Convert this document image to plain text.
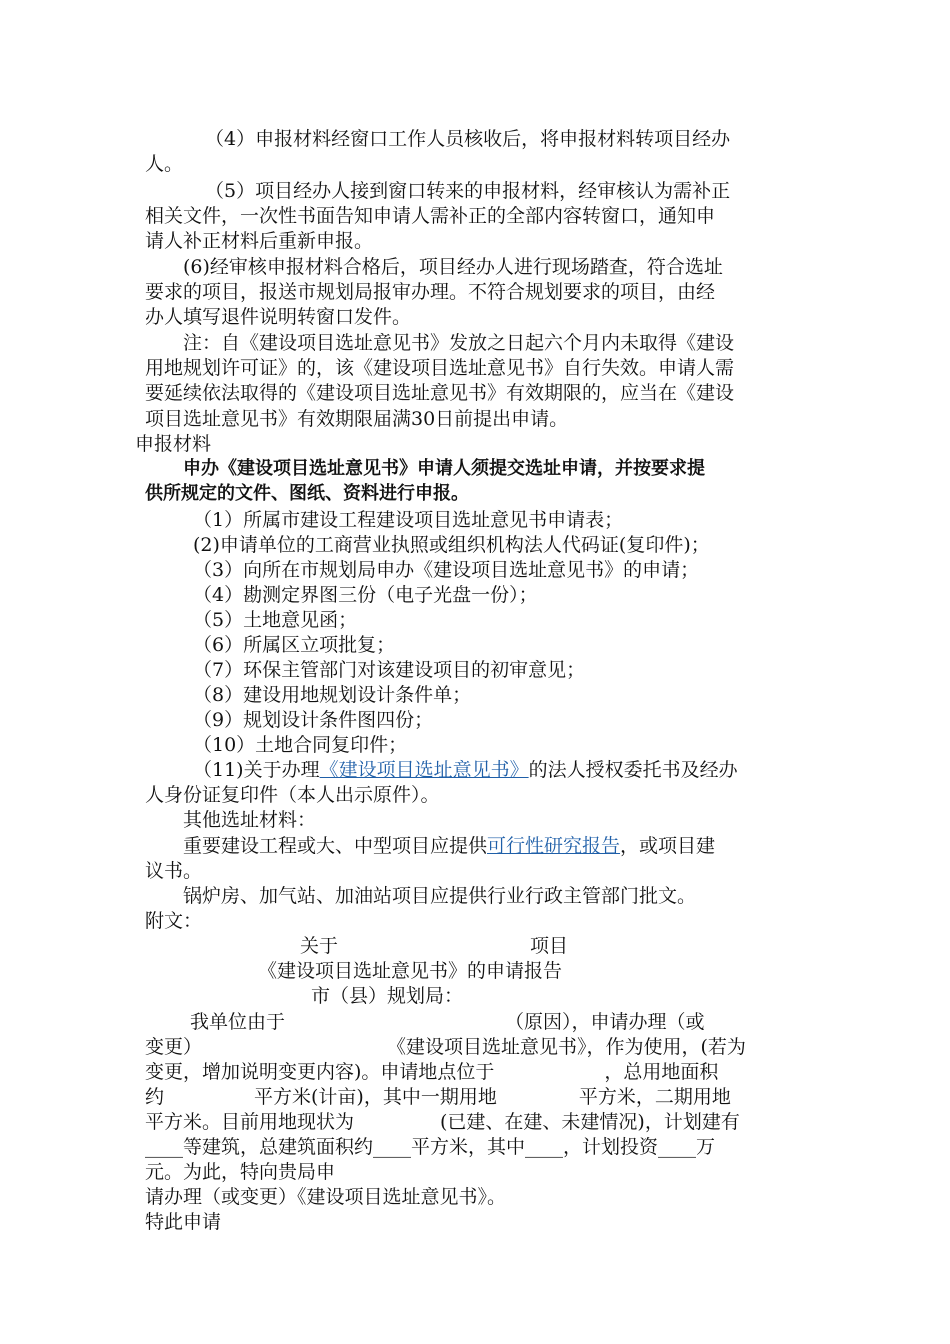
（4）申报材料经窗口工作人员核收后，将申报材料转项目经办
人。
（5）项目经办人接到窗口转来的申报材料，经审核认为需补正
相关文件，一次性书面告知申请人需补正的全部内容转窗口，通知申
请人补正材料后重新申报。
(6)经审核申报材料合格后，项目经办人进行现场踏查，符合选址
要求的项目，报送市规划局报审办理。不符合规划要求的项目，由经
办人填写退件说明转窗口发件。
注：自《建设项目选址意见书》发放之日起六个月内未取得《建设
用地规划许可证》的，该《建设项目选址意见书》自行失效。申请人需
要延续依法取得的《建设项目选址意见书》有效期限的，应当在《建设
项目选址意见书》有效期限届满30日前提出申请。
申报材料
申办《建设项目选址意见书》申请人须提交选址申请，并按要求提
供所规定的文件、图纸、资料进行申报。
（1）所属市建设工程建设项目选址意见书申请表；
(2)申请单位的工商营业执照或组织机构法人代码证(复印件)；
（3）向所在市规划局申办《建设项目选址意见书》的申请；
（4）勘测定界图三份（电子光盘一份）；
（5）土地意见函；
（6）所属区立项批复；
（7）环保主管部门对该建设项目的初审意见；
（8）建设用地规划设计条件单；
（9）规划设计条件图四份；
（10）土地合同复印件；
（11)关于办理《建设项目选址意见书》的法人授权委托书及经办
人身份证复印件（本人出示原件）。
其他选址材料：
重要建设工程或大、中型项目应提供可行性研究报告，或项目建
议书。
锅炉房、加气站、加油站项目应提供行业行政主管部门批文。
附文：
关于	项目
《建设项目选址意见书》的申请报告
市（县）规划局：
我单位由于	（原因），申请办理（或
变更）	《建设项目选址意见书》，作为使用，(若为
变更，增加说明变更内容)。申请地点位于	，总用地面积
约	平方米(计亩)，其中一期用地	平方米，二期用地
平方米。目前用地现状为	(已建、在建、未建情况)，计划建有
____等建筑，总建筑面积约____平方米，其中____，计划投资____万
元。为此，特向贵局申
请办理（或变更）《建设项目选址意见书》。
特此申请
